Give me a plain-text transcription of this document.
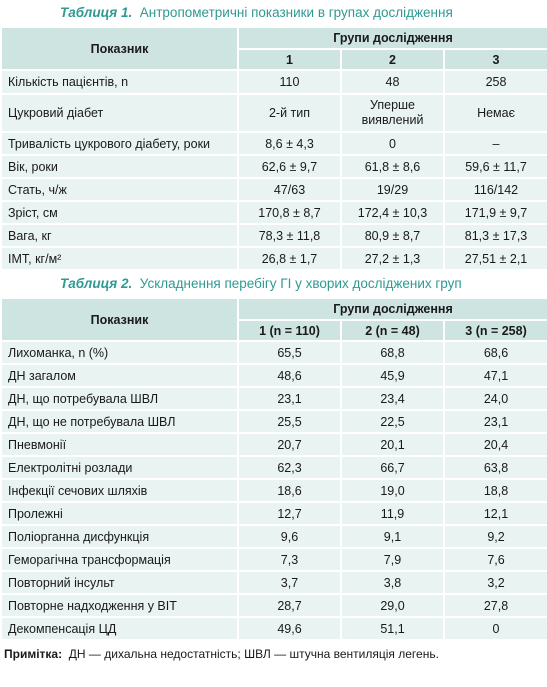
Таблиця 1. Антропометричні показники в групах дослідження
Показник	Групи дослідження		
	1	2	3
Кількість пацієнтів, n	110	48	258
Цукровий діабет	2-й тип	Уперше виявлений	Немає
Тривалість цукрового діабету, роки	8,6 ± 4,3	0	–
Вік, роки	62,6 ± 9,7	61,8 ± 8,6	59,6 ± 11,7
Стать, ч/ж	47/63	19/29	116/142
Зріст, см	170,8 ± 8,7	172,4 ± 10,3	171,9 ± 9,7
Вага, кг	78,3 ± 11,8	80,9 ± 8,7	81,3 ± 17,3
ІМТ, кг/м²	26,8 ± 1,7	27,2 ± 1,3	27,51 ± 2,1
Таблиця 2. Ускладнення перебігу ГІ у хворих досліджених груп
Показник	Групи дослідження		
	1 (n = 110)	2 (n = 48)	3 (n = 258)
Лихоманка, n (%)	65,5	68,8	68,6
ДН загалом	48,6	45,9	47,1
ДН, що потребувала ШВЛ	23,1	23,4	24,0
ДН, що не потребувала ШВЛ	25,5	22,5	23,1
Пневмонії	20,7	20,1	20,4
Електролітні розлади	62,3	66,7	63,8
Інфекції сечових шляхів	18,6	19,0	18,8
Пролежні	12,7	11,9	12,1
Поліорганна дисфункція	9,6	9,1	9,2
Геморагічна трансформація	7,3	7,9	7,6
Повторний інсульт	3,7	3,8	3,2
Повторне надходження у ВІТ	28,7	29,0	27,8
Декомпенсація ЦД	49,6	51,1	0
Примітка: ДН — дихальна недостатність; ШВЛ — штучна вентиляція легень.
